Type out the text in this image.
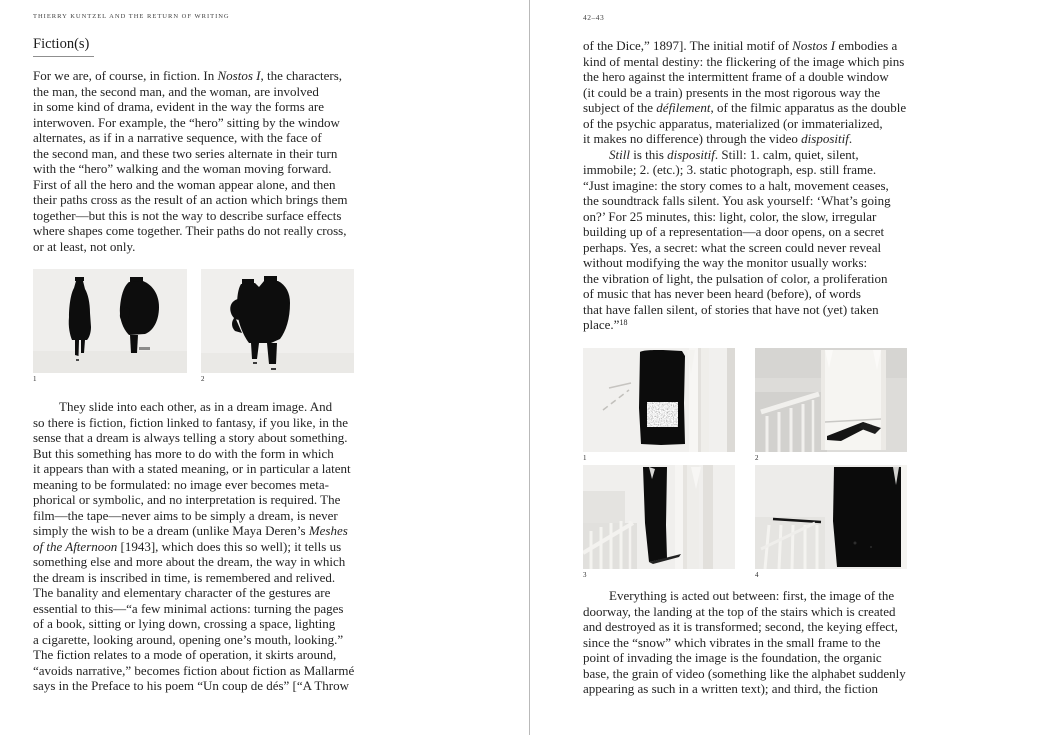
THIERRY KUNTZEL AND THE RETURN OF WRITING
Fiction(s)
For we are, of course, in fiction. In Nostos I, the characters,
the man, the second man, and the woman, are involved
in some kind of drama, evident in the way the forms are
interwoven. For example, the “hero” sitting by the window
alternates, as if in a narrative sequence, with the face of
the second man, and these two series alternate in their turn
with the “hero” walking and the woman moving forward.
First of all the hero and the woman appear alone, and then
their paths cross as the result of an action which brings them
together—but this is not the way to describe surface effects
where shapes come together. Their paths do not really cross,
or at least, not only.
1	2
They slide into each other, as in a dream image. And
so there is fiction, fiction linked to fantasy, if you like, in the
sense that a dream is always telling a story about something.
But this something has more to do with the form in which
it appears than with a stated meaning, or in particular a latent
meaning to be formulated: no image ever becomes meta-
phorical or symbolic, and no interpretation is required. The
film—the tape—never aims to be simply a dream, is never
simply the wish to be a dream (unlike Maya Deren’s Meshes
of the Afternoon [1943], which does this so well); it tells us
something else and more about the dream, the way in which
the dream is inscribed in time, is remembered and relived.
The banality and elementary character of the gestures are
essential to this—“a few minimal actions: turning the pages
of a book, sitting or lying down, crossing a space, lighting
a cigarette, looking around, opening one’s mouth, looking.”
The fiction relates to a mode of operation, it skirts around,
“avoids narrative,” becomes fiction about fiction as Mallarmé
says in the Preface to his poem “Un coup de dés” [“A Throw
42–43
of the Dice,” 1897]. The initial motif of Nostos I embodies a
kind of mental destiny: the flickering of the image which pins
the hero against the intermittent frame of a double window
(it could be a train) presents in the most rigorous way the
subject of the défilement, of the filmic apparatus as the double
of the psychic apparatus, materialized (or immaterialized,
it makes no difference) through the video dispositif.
Still is this dispositif. Still: 1. calm, quiet, silent,
immobile; 2. (etc.); 3. static photograph, esp. still frame.
“Just imagine: the story comes to a halt, movement ceases,
the soundtrack falls silent. You ask yourself: ‘What’s going
on?’ For 25 minutes, this: light, color, the slow, irregular
building up of a representation—a door opens, on a secret
perhaps. Yes, a secret: what the screen could never reveal
without modifying the way the monitor usually works:
the vibration of light, the pulsation of color, a proliferation
of music that has never been heard (before), of words
that have fallen silent, of stories that have not (yet) taken
place.”$^{18}$
1	2
3	4
Everything is acted out between: first, the image of the
doorway, the landing at the top of the stairs which is created
and destroyed as it is transformed; second, the keying effect,
since the “snow” which vibrates in the small frame to the
point of invading the image is the foundation, the organic
base, the grain of video (something like the alphabet suddenly
appearing as such in a written text); and third, the fiction
